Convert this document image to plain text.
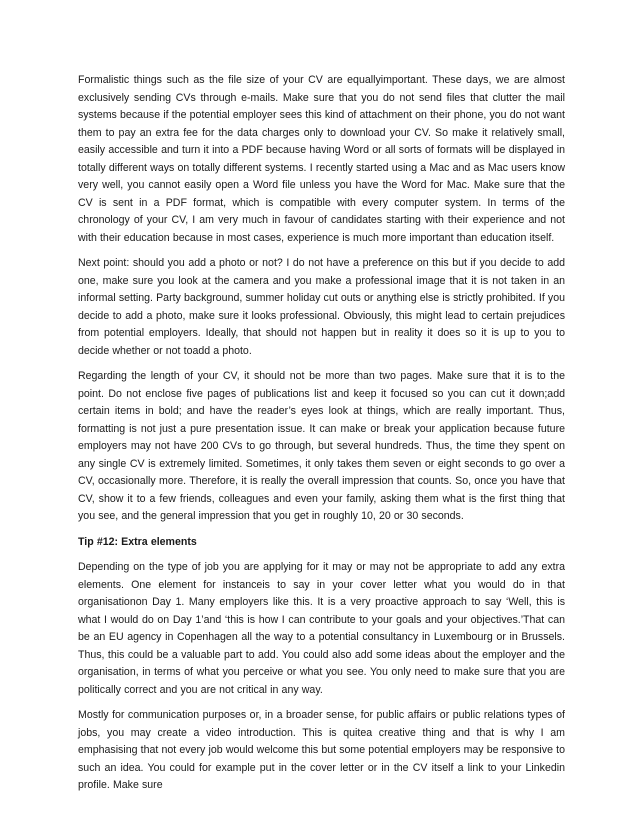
Formalistic things such as the file size of your CV are equallyimportant. These days, we are almost exclusively sending CVs through e-mails. Make sure that you do not send files that clutter the mail systems because if the potential employer sees this kind of attachment on their phone, you do not want them to pay an extra fee for the data charges only to download your CV. So make it relatively small, easily accessible and turn it into a PDF because having Word or all sorts of formats will be displayed in totally different ways on totally different systems. I recently started using a Mac and as Mac users know very well, you cannot easily open a Word file unless you have the Word for Mac. Make sure that the CV is sent in a PDF format, which is compatible with every computer system. In terms of the chronology of your CV, I am very much in favour of candidates starting with their experience and not with their education because in most cases, experience is much more important than education itself.

Next point: should you add a photo or not? I do not have a preference on this but if you decide to add one, make sure you look at the camera and you make a professional image that it is not taken in an informal setting. Party background, summer holiday cut outs or anything else is strictly prohibited. If you decide to add a photo, make sure it looks professional. Obviously, this might lead to certain prejudices from potential employers. Ideally, that should not happen but in reality it does so it is up to you to decide whether or not toadd a photo.

Regarding the length of your CV, it should not be more than two pages. Make sure that it is to the point. Do not enclose five pages of publications list and keep it focused so you can cut it down;add certain items in bold; and have the reader’s eyes look at things, which are really important. Thus, formatting is not just a pure presentation issue. It can make or break your application because future employers may not have 200 CVs to go through, but several hundreds. Thus, the time they spent on any single CV is extremely limited. Sometimes, it only takes them seven or eight seconds to go over a CV, occasionally more. Therefore, it is really the overall impression that counts. So, once you have that CV, show it to a few friends, colleagues and even your family, asking them what is the first thing that you see, and the general impression that you get in roughly 10, 20 or 30 seconds.

Tip #12: Extra elements

Depending on the type of job you are applying for it may or may not be appropriate to add any extra elements. One element for instanceis to say in your cover letter what you would do in that organisationon Day 1. Many employers like this. It is a very proactive approach to say ‘Well, this is what I would do on Day 1’and ‘this is how I can contribute to your goals and your objectives.’That can be an EU agency in Copenhagen all the way to a potential consultancy in Luxembourg or in Brussels. Thus, this could be a valuable part to add. You could also add some ideas about the employer and the organisation, in terms of what you perceive or what you see. You only need to make sure that you are politically correct and you are not critical in any way.

Mostly for communication purposes or, in a broader sense, for public affairs or public relations types of jobs, you may create a video introduction. This is quitea creative thing and that is why I am emphasising that not every job would welcome this but some potential employers may be responsive to such an idea. You could for example put in the cover letter or in the CV itself a link to your Linkedin profile. Make sure
